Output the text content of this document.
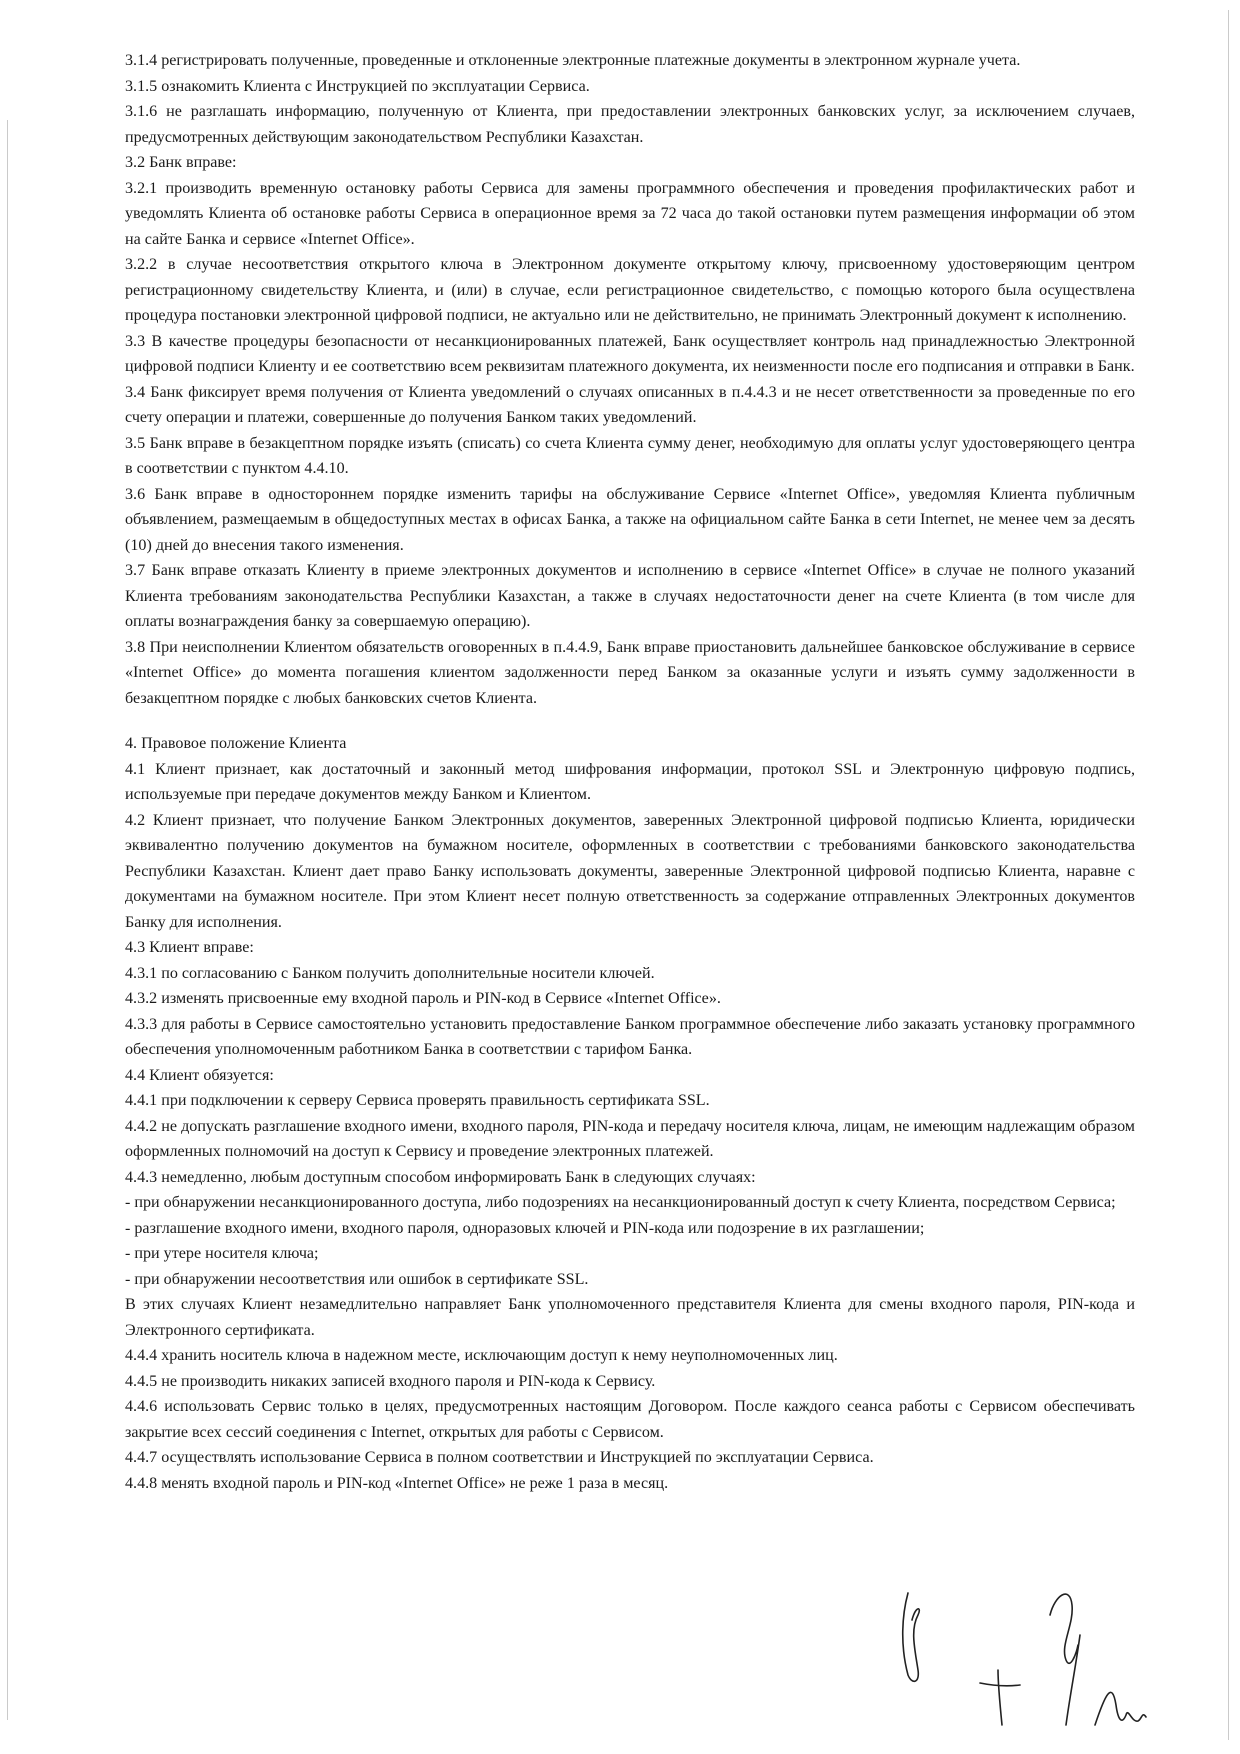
3.1.4 регистрировать полученные, проведенные и отклоненные электронные платежные документы в электронном журнале учета.

3.1.5 ознакомить Клиента с Инструкцией по эксплуатации Сервиса.

3.1.6 не разглашать информацию, полученную от Клиента, при предоставлении электронных банковских услуг, за исключением случаев, предусмотренных действующим законодательством Республики Казахстан.

3.2 Банк вправе:

3.2.1 производить временную остановку работы Сервиса для замены программного обеспечения и проведения профилактических работ и уведомлять Клиента об остановке работы Сервиса в операционное время за 72 часа до такой остановки путем размещения информации об этом на сайте Банка и сервисе «Internet Office».

3.2.2 в случае несоответствия открытого ключа в Электронном документе открытому ключу, присвоенному удостоверяющим центром регистрационному свидетельству Клиента, и (или) в случае, если регистрационное свидетельство, с помощью которого была осуществлена процедура постановки электронной цифровой подписи, не актуально или не действительно, не принимать Электронный документ к исполнению.

3.3 В качестве процедуры безопасности от несанкционированных платежей, Банк осуществляет контроль над принадлежностью Электронной цифровой подписи Клиенту и ее соответствию всем реквизитам платежного документа, их неизменности после его подписания и отправки в Банк.

3.4 Банк фиксирует время получения от Клиента уведомлений о случаях описанных в п.4.4.3 и не несет ответственности за проведенные по его счету операции и платежи, совершенные до получения Банком таких уведомлений.

3.5 Банк вправе в безакцептном порядке изъять (списать) со счета Клиента сумму денег, необходимую для оплаты услуг удостоверяющего центра в соответствии с пунктом 4.4.10.

3.6 Банк вправе в одностороннем порядке изменить тарифы на обслуживание Сервисе «Internet Office», уведомляя Клиента публичным объявлением, размещаемым в общедоступных местах в офисах Банка, а также на официальном сайте Банка в сети Internet, не менее чем за десять (10) дней до внесения такого изменения.

3.7 Банк вправе отказать Клиенту в приеме электронных документов и исполнению в сервисе «Internet Office» в случае не полного указаний Клиента требованиям законодательства Республики Казахстан, а также в случаях недостаточности денег на счете Клиента (в том числе для оплаты вознаграждения банку за совершаемую операцию).

3.8 При неисполнении Клиентом обязательств оговоренных в п.4.4.9, Банк вправе приостановить дальнейшее банковское обслуживание в сервисе «Internet Office» до момента погашения клиентом задолженности перед Банком за оказанные услуги и изъять сумму задолженности в безакцептном порядке с любых банковских счетов Клиента.

4. Правовое положение Клиента

4.1 Клиент признает, как достаточный и законный метод шифрования информации, протокол SSL и Электронную цифровую подпись, используемые при передаче документов между Банком и Клиентом.

4.2 Клиент признает, что получение Банком Электронных документов, заверенных Электронной цифровой подписью Клиента, юридически эквивалентно получению документов на бумажном носителе, оформленных в соответствии с требованиями банковского законодательства Республики Казахстан. Клиент дает право Банку использовать документы, заверенные Электронной цифровой подписью Клиента, наравне с документами на бумажном носителе. При этом Клиент несет полную ответственность за содержание отправленных Электронных документов Банку для исполнения.

4.3 Клиент вправе:

4.3.1 по согласованию с Банком получить дополнительные носители ключей.

4.3.2 изменять присвоенные ему входной пароль и PIN-код в Сервисе «Internet Office».

4.3.3 для работы в Сервисе самостоятельно установить предоставление Банком программное обеспечение либо заказать установку программного обеспечения уполномоченным работником Банка в соответствии с тарифом Банка.

4.4 Клиент обязуется:

4.4.1 при подключении к серверу Сервиса проверять правильность сертификата SSL.

4.4.2 не допускать разглашение входного имени, входного пароля, PIN-кода и передачу носителя ключа, лицам, не имеющим надлежащим образом оформленных полномочий на доступ к Сервису и проведение электронных платежей.

4.4.3 немедленно, любым доступным способом информировать Банк в следующих случаях:

- при обнаружении несанкционированного доступа, либо подозрениях на несанкционированный доступ к счету Клиента, посредством Сервиса;

- разглашение входного имени, входного пароля, одноразовых ключей и PIN-кода или подозрение в их разглашении;

- при утере носителя ключа;

- при обнаружении несоответствия или ошибок в сертификате SSL.

В этих случаях Клиент незамедлительно направляет Банк уполномоченного представителя Клиента для смены входного пароля, PIN-кода и Электронного сертификата.

4.4.4 хранить носитель ключа в надежном месте, исключающим доступ к нему неуполномоченных лиц.

4.4.5 не производить никаких записей входного пароля и PIN-кода к Сервису.

4.4.6 использовать Сервис только в целях, предусмотренных настоящим Договором. После каждого сеанса работы с Сервисом обеспечивать закрытие всех сессий соединения с Internet, открытых для работы с Сервисом.

4.4.7 осуществлять использование Сервиса в полном соответствии и Инструкцией по эксплуатации Сервиса.

4.4.8 менять входной пароль и PIN-код «Internet Office» не реже 1 раза в месяц.
